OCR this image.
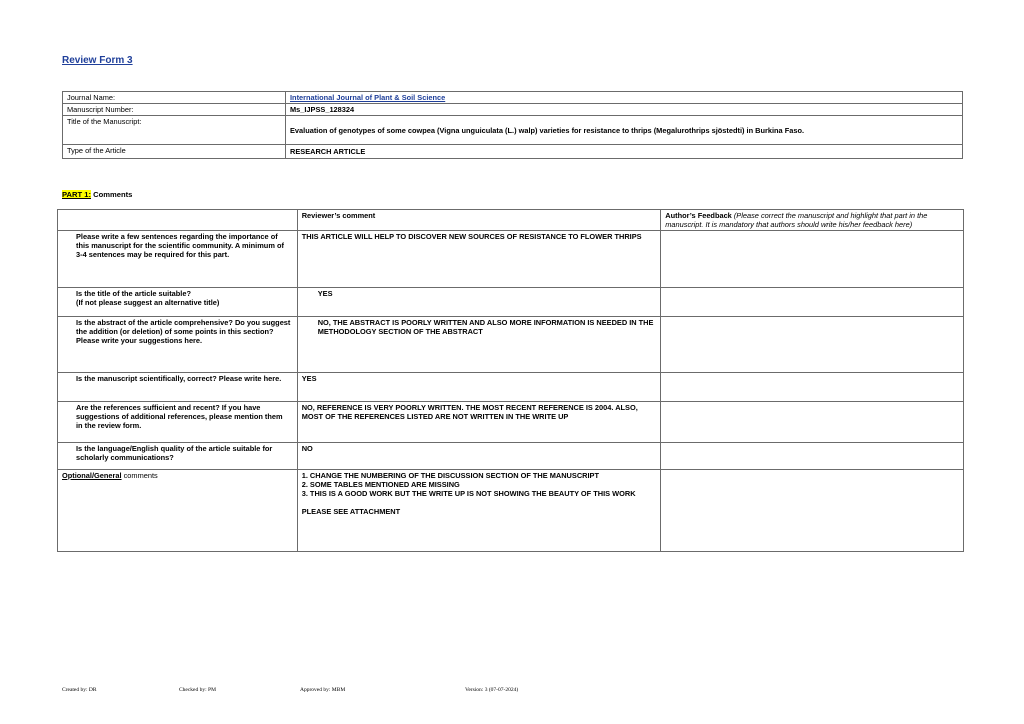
Review Form 3
Journal Name:	International Journal of Plant & Soil Science
Manuscript Number:	Ms_IJPSS_128324
Title of the Manuscript:	Evaluation of genotypes of some cowpea (Vigna unguiculata (L.) walp) varieties for resistance to thrips (Megalurothrips sjöstedti) in Burkina Faso.
Type of the Article	RESEARCH ARTICLE
PART 1: Comments
	Reviewer’s comment	Author’s Feedback (Please correct the manuscript and highlight that part in the manuscript. It is mandatory that authors should write his/her feedback here)
Please write a few sentences regarding the importance of this manuscript for the scientific community. A minimum of 3-4 sentences may be required for this part.	THIS ARTICLE WILL HELP TO DISCOVER NEW SOURCES OF RESISTANCE TO FLOWER THRIPS	
Is the title of the article suitable?
(If not please suggest an alternative title)	YES	
Is the abstract of the article comprehensive? Do you suggest the addition (or deletion) of some points in this section? Please write your suggestions here.	NO, THE ABSTRACT IS POORLY WRITTEN AND ALSO MORE INFORMATION IS NEEDED IN THE METHODOLOGY SECTION OF THE ABSTRACT	
Is the manuscript scientifically, correct? Please write here.	YES	
Are the references sufficient and recent? If you have suggestions of additional references, please mention them in the review form.	NO, REFERENCE IS VERY POORLY WRITTEN. THE MOST RECENT REFERENCE IS 2004. ALSO, MOST OF THE REFERENCES LISTED ARE NOT WRITTEN IN THE WRITE UP	
Is the language/English quality of the article suitable for scholarly communications?	NO	
Optional/General comments	1. CHANGE THE NUMBERING OF THE DISCUSSION SECTION OF THE MANUSCRIPT
2. SOME TABLES MENTIONED ARE MISSING
3. THIS IS A GOOD WORK BUT THE WRITE UP IS NOT SHOWING THE BEAUTY OF THIS WORK
PLEASE SEE ATTACHMENT	

Created by: DR	Checked by: PM	Approved by: MBM	Version: 3 (07-07-2024)
